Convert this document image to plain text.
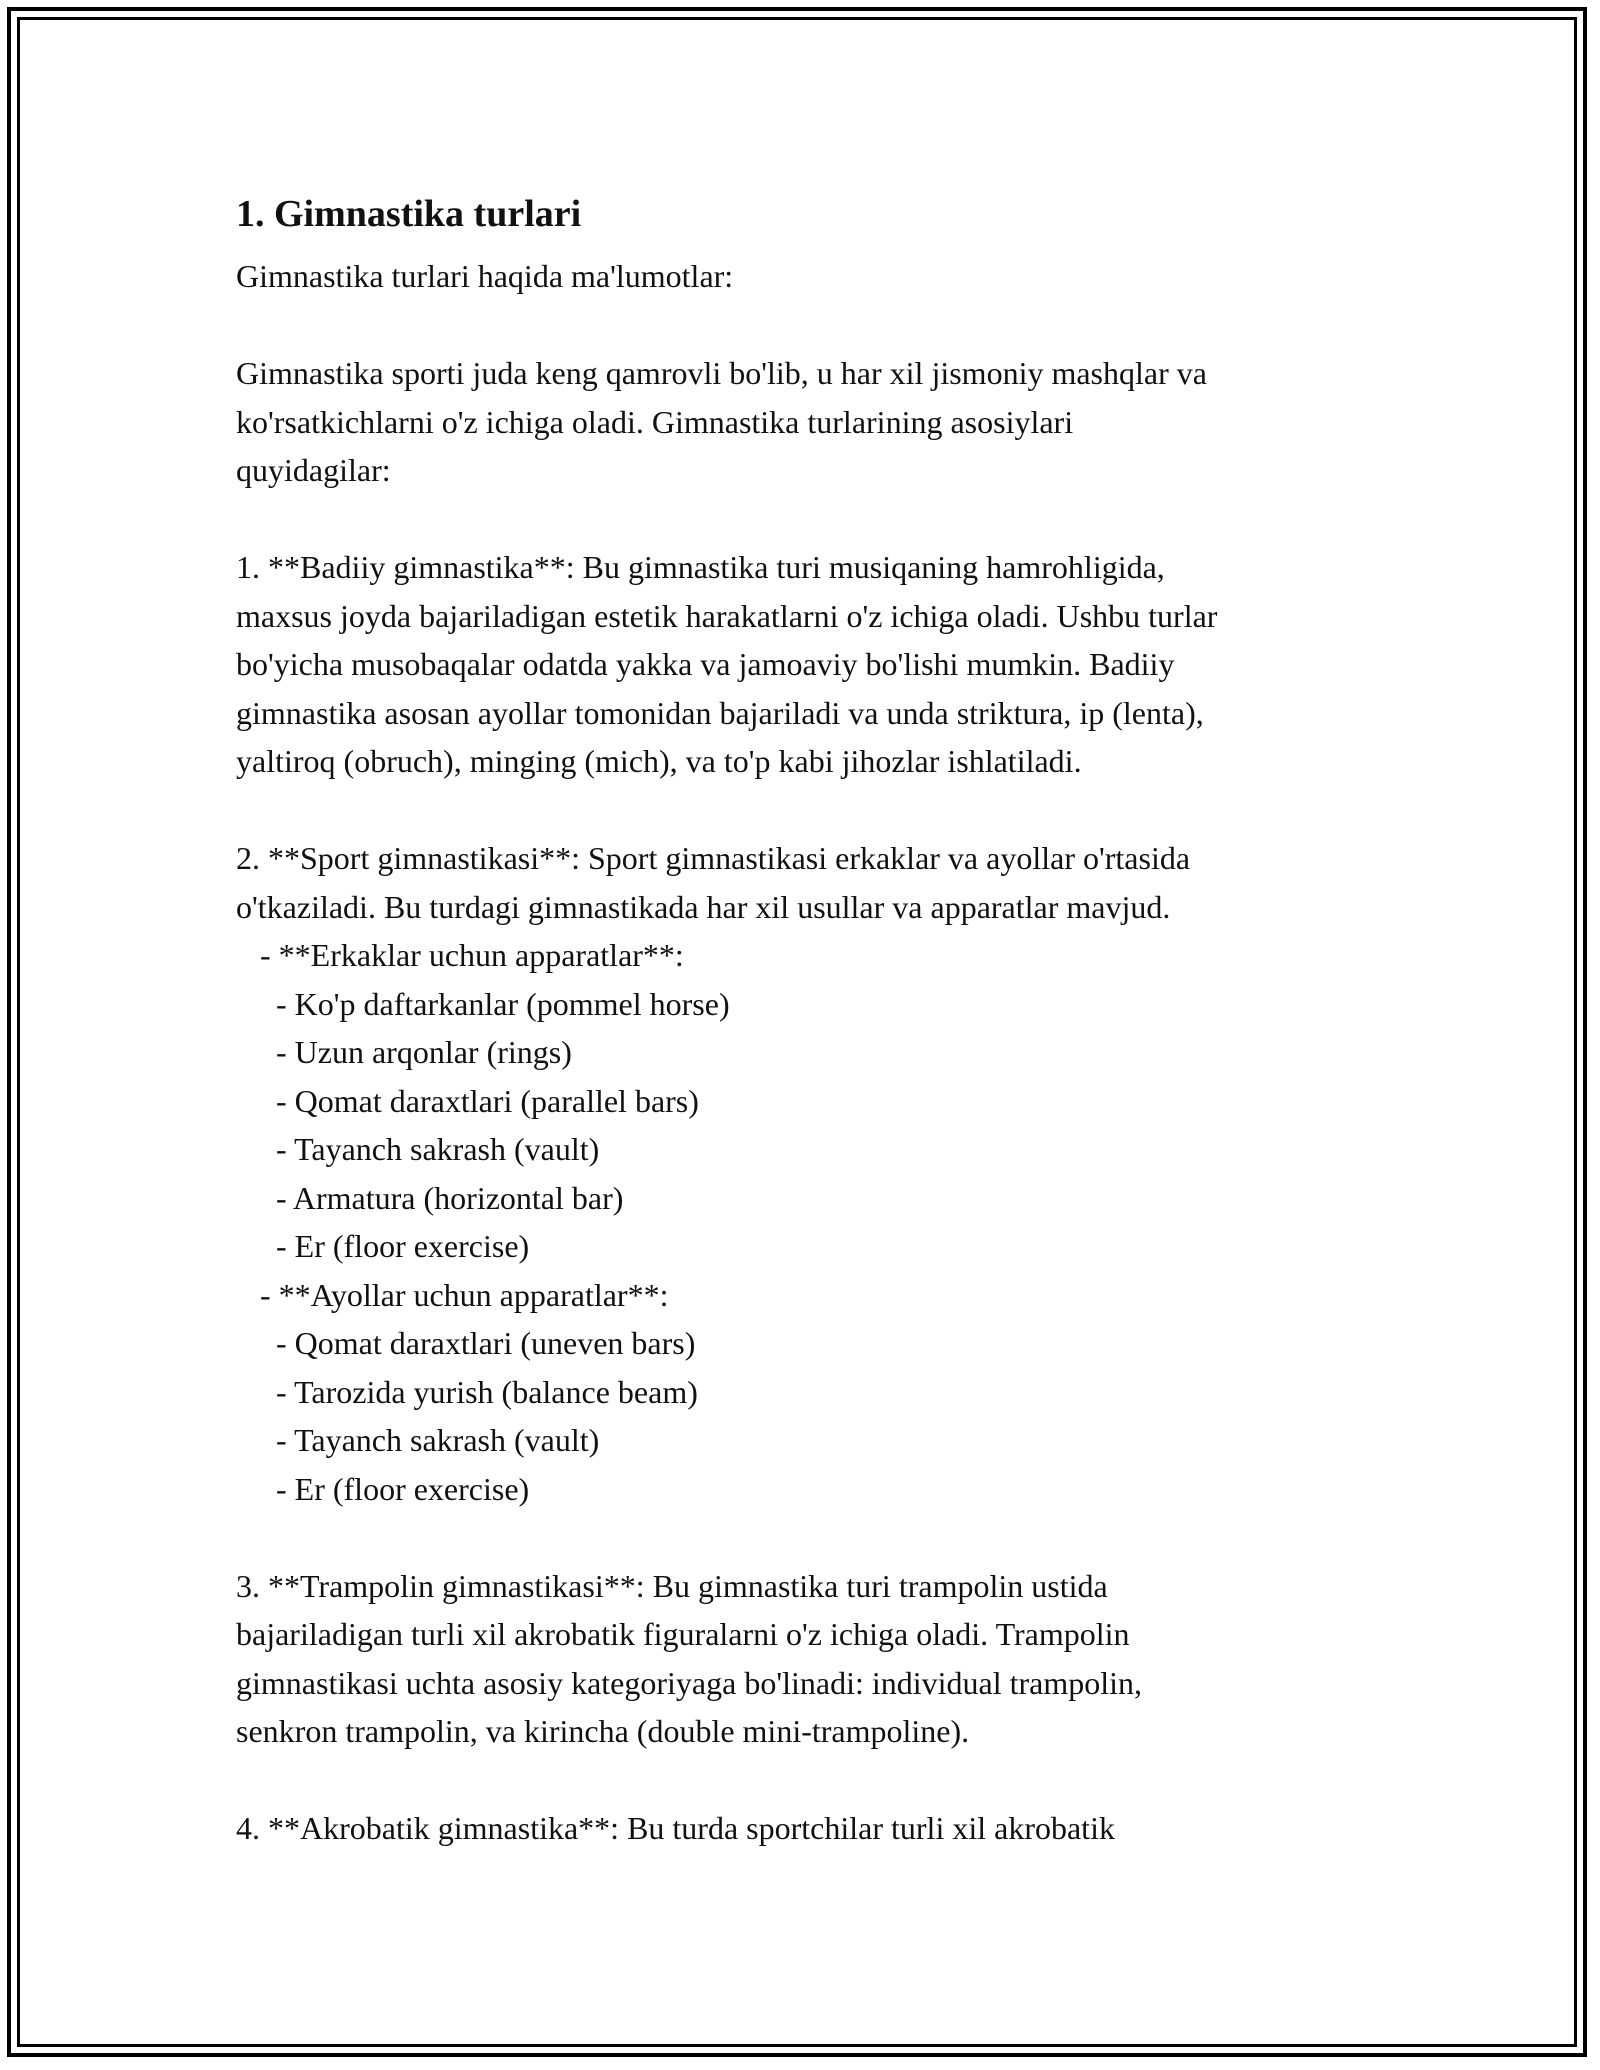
1. Gimnastika turlari
Gimnastika turlari haqida ma'lumotlar:
Gimnastika sporti juda keng qamrovli bo'lib, u har xil jismoniy mashqlar va
ko'rsatkichlarni o'z ichiga oladi. Gimnastika turlarining asosiylari
quyidagilar:
1. **Badiiy gimnastika**: Bu gimnastika turi musiqaning hamrohligida,
maxsus joyda bajariladigan estetik harakatlarni o'z ichiga oladi. Ushbu turlar
bo'yicha musobaqalar odatda yakka va jamoaviy bo'lishi mumkin. Badiiy
gimnastika asosan ayollar tomonidan bajariladi va unda striktura, ip (lenta),
yaltiroq (obruch), minging (mich), va to'p kabi jihozlar ishlatiladi.
2. **Sport gimnastikasi**: Sport gimnastikasi erkaklar va ayollar o'rtasida
o'tkaziladi. Bu turdagi gimnastikada har xil usullar va apparatlar mavjud.
- **Erkaklar uchun apparatlar**:
- Ko'p daftarkanlar (pommel horse)
- Uzun arqonlar (rings)
- Qomat daraxtlari (parallel bars)
- Tayanch sakrash (vault)
- Armatura (horizontal bar)
- Er (floor exercise)
- **Ayollar uchun apparatlar**:
- Qomat daraxtlari (uneven bars)
- Tarozida yurish (balance beam)
- Tayanch sakrash (vault)
- Er (floor exercise)
3. **Trampolin gimnastikasi**: Bu gimnastika turi trampolin ustida
bajariladigan turli xil akrobatik figuralarni o'z ichiga oladi. Trampolin
gimnastikasi uchta asosiy kategoriyaga bo'linadi: individual trampolin,
senkron trampolin, va kirincha (double mini-trampoline).
4. **Akrobatik gimnastika**: Bu turda sportchilar turli xil akrobatik
